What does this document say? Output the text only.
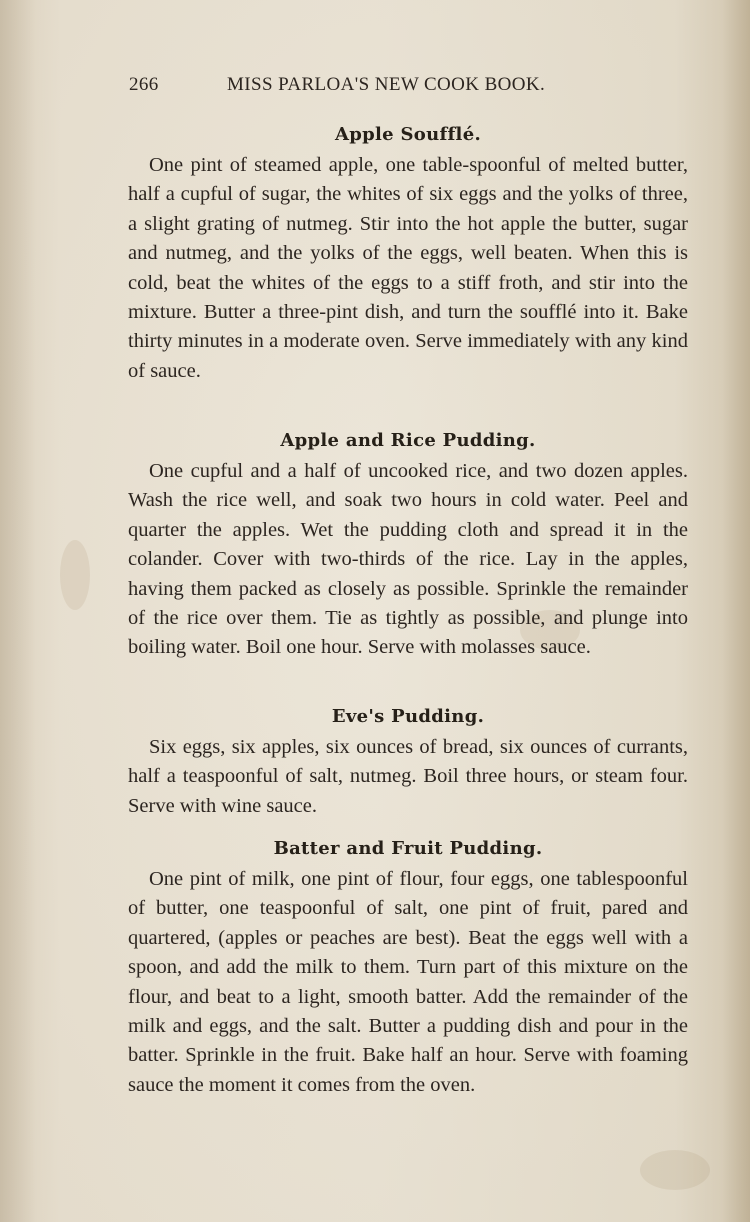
266	MISS PARLOA'S NEW COOK BOOK.
Apple Soufflé.

One pint of steamed apple, one table-spoonful of melted butter, half a cupful of sugar, the whites of six eggs and the yolks of three, a slight grating of nutmeg. Stir into the hot apple the butter, sugar and nutmeg, and the yolks of the eggs, well beaten. When this is cold, beat the whites of the eggs to a stiff froth, and stir into the mixture. Butter a three-pint dish, and turn the soufflé into it. Bake thirty minutes in a moderate oven. Serve immediately with any kind of sauce.

Apple and Rice Pudding.

One cupful and a half of uncooked rice, and two dozen apples. Wash the rice well, and soak two hours in cold water. Peel and quarter the apples. Wet the pudding cloth and spread it in the colander. Cover with two-thirds of the rice. Lay in the apples, having them packed as closely as possible. Sprinkle the remainder of the rice over them. Tie as tightly as possible, and plunge into boiling water. Boil one hour. Serve with molasses sauce.

Eve's Pudding.

Six eggs, six apples, six ounces of bread, six ounces of currants, half a teaspoonful of salt, nutmeg. Boil three hours, or steam four. Serve with wine sauce.

Batter and Fruit Pudding.

One pint of milk, one pint of flour, four eggs, one tablespoonful of butter, one teaspoonful of salt, one pint of fruit, pared and quartered, (apples or peaches are best). Beat the eggs well with a spoon, and add the milk to them. Turn part of this mixture on the flour, and beat to a light, smooth batter. Add the remainder of the milk and eggs, and the salt. Butter a pudding dish and pour in the batter. Sprinkle in the fruit. Bake half an hour. Serve with foaming sauce the moment it comes from the oven.
